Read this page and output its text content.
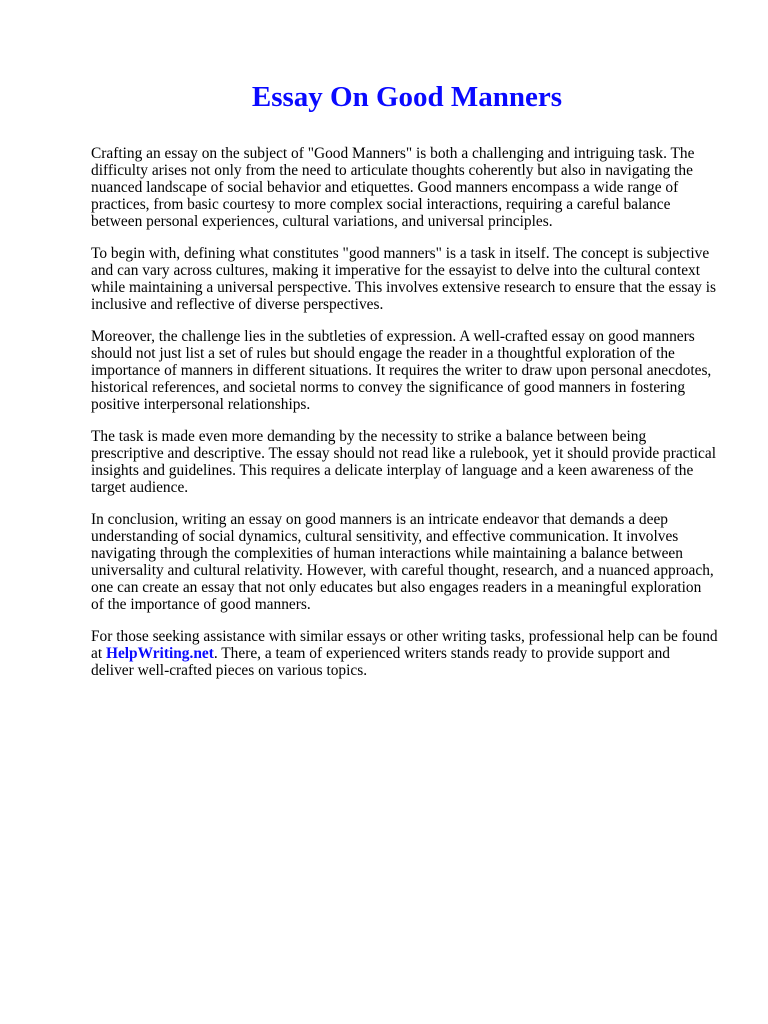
Essay On Good Manners

Crafting an essay on the subject of "Good Manners" is both a challenging and intriguing task. The
difficulty arises not only from the need to articulate thoughts coherently but also in navigating the
nuanced landscape of social behavior and etiquettes. Good manners encompass a wide range of
practices, from basic courtesy to more complex social interactions, requiring a careful balance
between personal experiences, cultural variations, and universal principles.

To begin with, defining what constitutes "good manners" is a task in itself. The concept is subjective
and can vary across cultures, making it imperative for the essayist to delve into the cultural context
while maintaining a universal perspective. This involves extensive research to ensure that the essay is
inclusive and reflective of diverse perspectives.

Moreover, the challenge lies in the subtleties of expression. A well-crafted essay on good manners
should not just list a set of rules but should engage the reader in a thoughtful exploration of the
importance of manners in different situations. It requires the writer to draw upon personal anecdotes,
historical references, and societal norms to convey the significance of good manners in fostering
positive interpersonal relationships.

The task is made even more demanding by the necessity to strike a balance between being
prescriptive and descriptive. The essay should not read like a rulebook, yet it should provide practical
insights and guidelines. This requires a delicate interplay of language and a keen awareness of the
target audience.

In conclusion, writing an essay on good manners is an intricate endeavor that demands a deep
understanding of social dynamics, cultural sensitivity, and effective communication. It involves
navigating through the complexities of human interactions while maintaining a balance between
universality and cultural relativity. However, with careful thought, research, and a nuanced approach,
one can create an essay that not only educates but also engages readers in a meaningful exploration
of the importance of good manners.

For those seeking assistance with similar essays or other writing tasks, professional help can be found
at HelpWriting.net. There, a team of experienced writers stands ready to provide support and
deliver well-crafted pieces on various topics.
